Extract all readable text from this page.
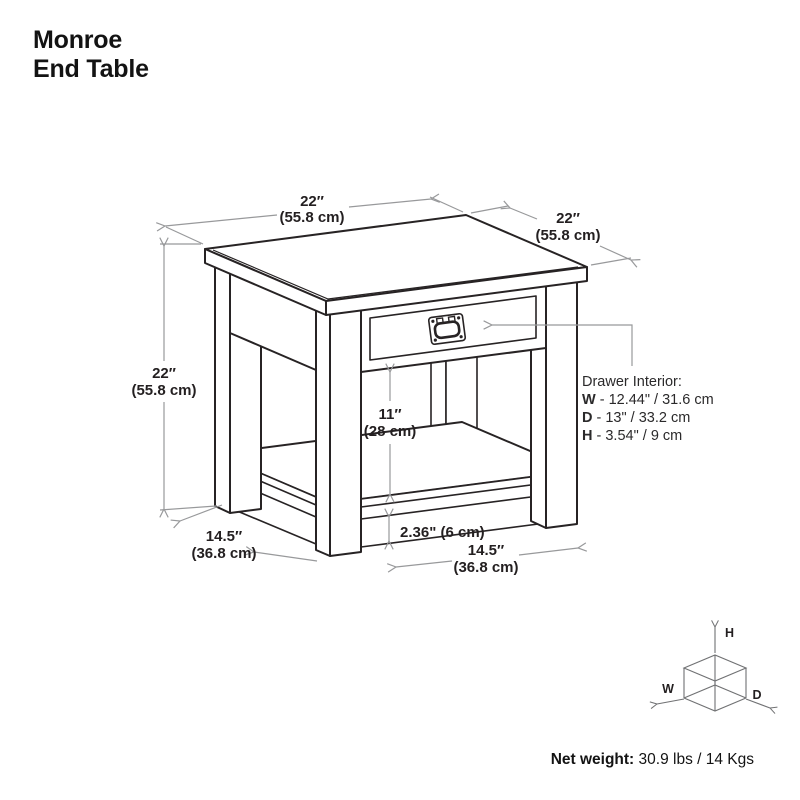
Monroe
End Table
22″
(55.8 cm)	22″
(55.8 cm)
22″
(55.8 cm)
11″
(28 cm)
2.36" (6 cm)
14.5″
(36.8 cm)	14.5″
(36.8 cm)
Drawer Interior:
W - 12.44" / 31.6 cm
D - 13" / 33.2 cm
H - 3.54" / 9 cm
H
W	D
Net weight: 30.9 lbs / 14 Kgs
